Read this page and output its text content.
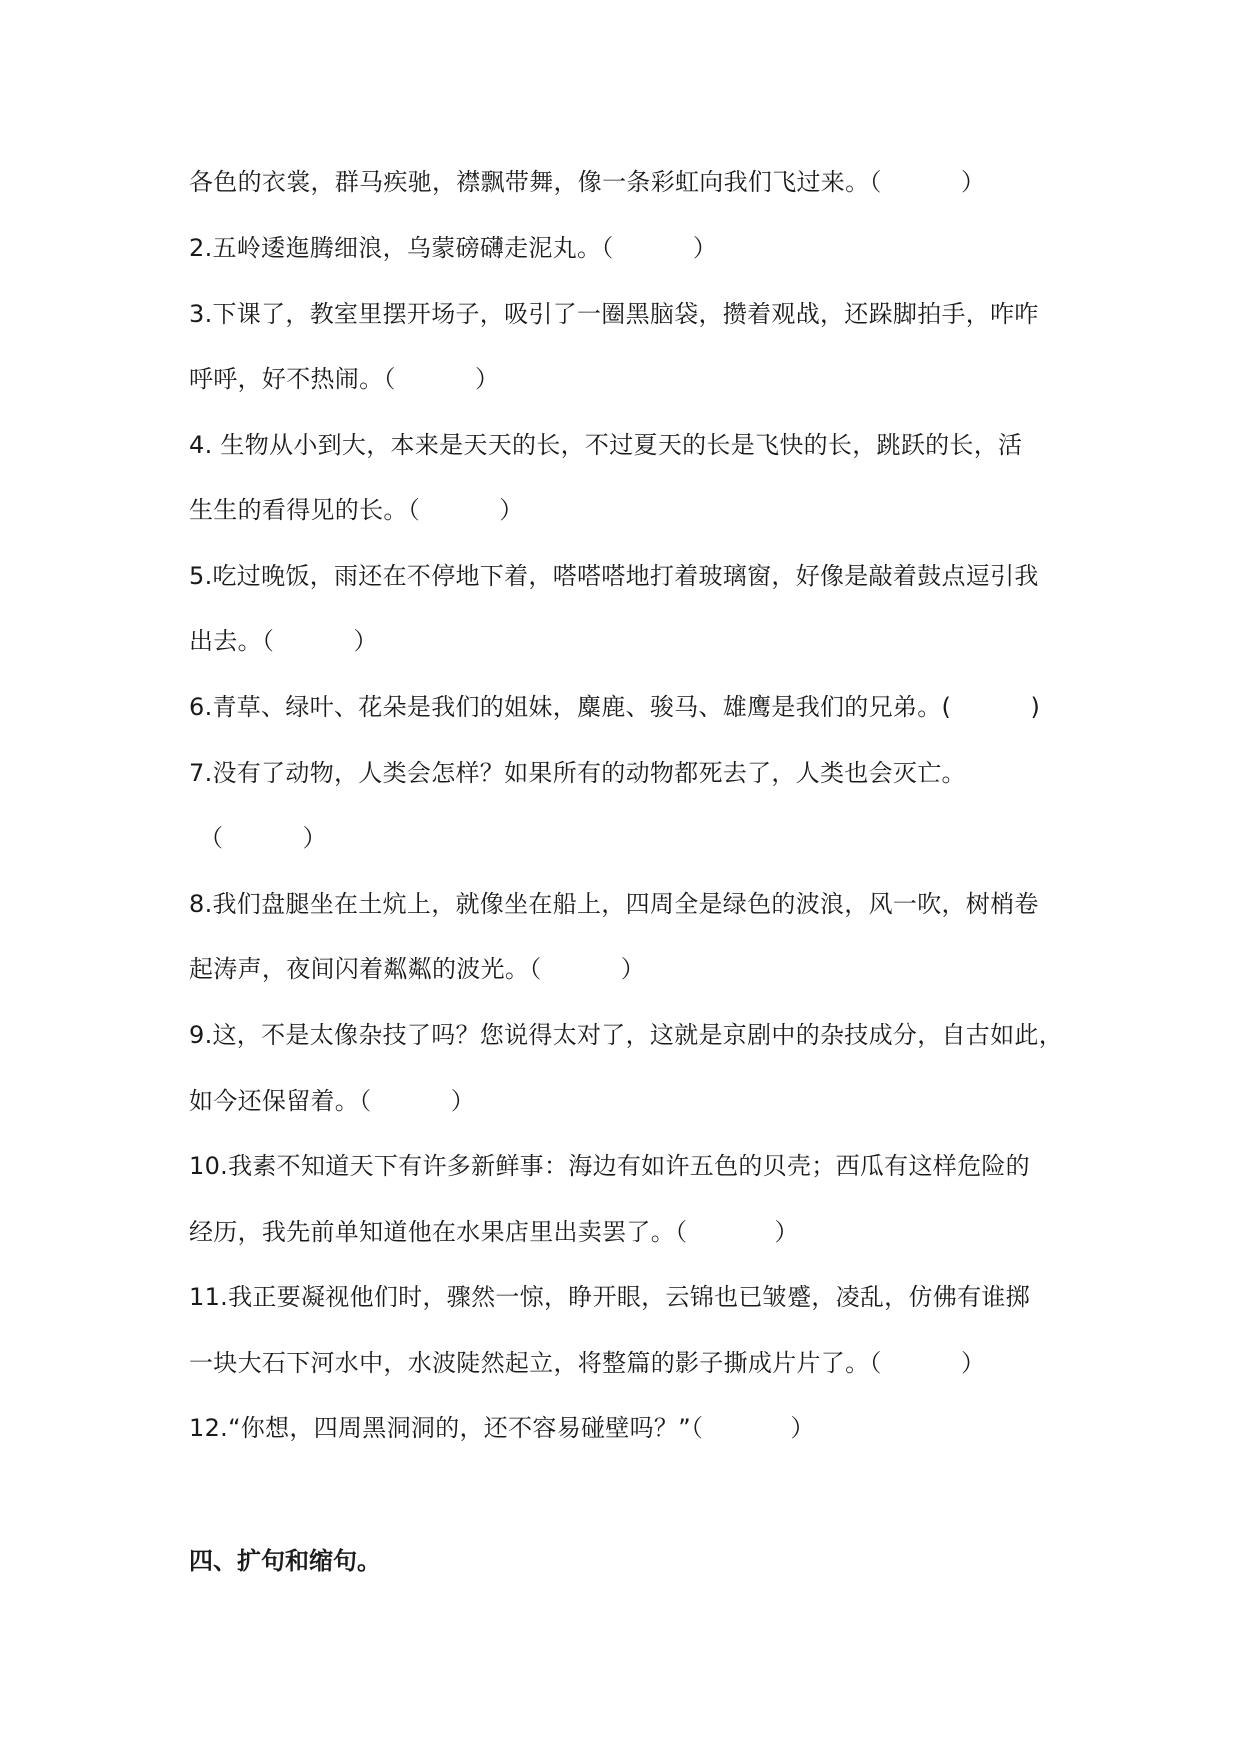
各色的衣裳，群马疾驰，襟飘带舞，像一条彩虹向我们飞过来。（          ）
2.五岭逶迤腾细浪，乌蒙磅礴走泥丸。（          ）
3.下课了，教室里摆开场子，吸引了一圈黑脑袋，攒着观战，还跺脚拍手，咋咋
呼呼，好不热闹。（          ）
4. 生物从小到大，本来是天天的长，不过夏天的长是飞快的长，跳跃的长，活
生生的看得见的长。（          ）
5.吃过晚饭，雨还在不停地下着，嗒嗒嗒地打着玻璃窗，好像是敲着鼓点逗引我
出去。（          ）
6.青草、绿叶、花朵是我们的姐妹，麋鹿、骏马、雄鹰是我们的兄弟。(          )
7.没有了动物，人类会怎样？如果所有的动物都死去了，人类也会灭亡。
（          ）
8.我们盘腿坐在土炕上，就像坐在船上，四周全是绿色的波浪，风一吹，树梢卷
起涛声，夜间闪着粼粼的波光。（          ）
9.这，不是太像杂技了吗？您说得太对了，这就是京剧中的杂技成分，自古如此，
如今还保留着。（          ）
10.我素不知道天下有许多新鲜事：海边有如许五色的贝壳；西瓜有这样危险的
经历，我先前单知道他在水果店里出卖罢了。（           ）
11.我正要凝视他们时，骤然一惊，睁开眼，云锦也已皱蹙，凌乱，仿佛有谁掷
一块大石下河水中，水波陡然起立，将整篇的影子撕成片片了。（          ）
12.“你想，四周黑洞洞的，还不容易碰壁吗？”（           ）
四、扩句和缩句。
